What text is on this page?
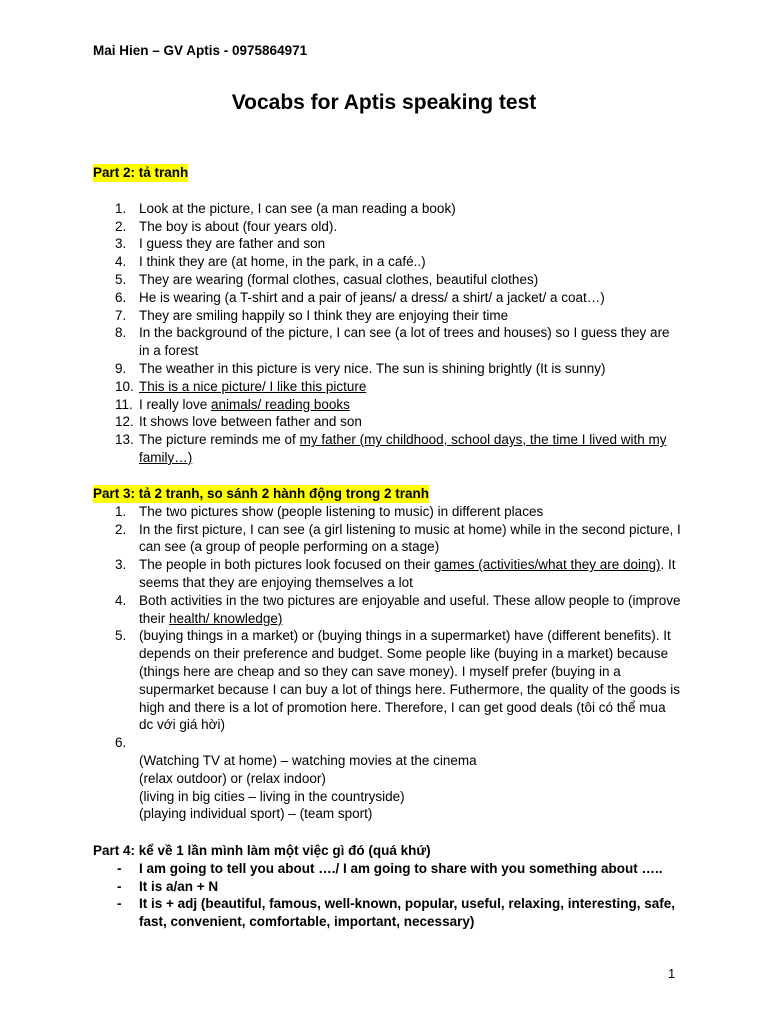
Mai Hien – GV Aptis - 0975864971
Vocabs for Aptis speaking test
Part 2: tả tranh
1. Look at the picture, I can see (a man reading a book)
2. The boy is about (four years old).
3. I guess they are father and son
4. I think they are (at home, in the park, in a café..)
5. They are wearing (formal clothes, casual clothes, beautiful clothes)
6. He is wearing (a T-shirt and a pair of jeans/ a dress/ a shirt/ a jacket/ a coat…)
7. They are smiling happily so I think they are enjoying their time
8. In the background of the picture, I can see (a lot of trees and houses) so I guess they are in a forest
9. The weather in this picture is very nice. The sun is shining brightly (It is sunny)
10. This is a nice picture/ I like this picture
11. I really love animals/ reading books
12. It shows love between father and son
13. The picture reminds me of my father (my childhood, school days, the time I lived with my family…)
Part 3: tả 2 tranh, so sánh 2 hành động trong 2 tranh
1. The two pictures show (people listening to music) in different places
2. In the first picture, I can see (a girl listening to music at home) while in the second picture, I can see (a group of people performing on a stage)
3. The people in both pictures look focused on their games (activities/what they are doing). It seems that they are enjoying themselves a lot
4. Both activities in the two pictures are enjoyable and useful. These allow people to (improve their health/ knowledge)
5. (buying things in a market) or (buying things in a supermarket) have (different benefits). It depends on their preference and budget. Some people like (buying in a market) because (things here are cheap and so they can save money). I myself prefer (buying in a supermarket because I can buy a lot of things here. Futhermore, the quality of the goods is high and there is a lot of promotion here. Therefore, I can get good deals (tôi có thể mua dc với giá hời)
6.

(Watching TV at home) – watching movies at the cinema
(relax outdoor) or (relax indoor)
(living in big cities – living in the countryside)
(playing individual sport) – (team sport)
Part 4: kể về 1 lần mình làm một việc gì đó (quá khứ)
- I am going to tell you about …./ I am going to share with you something about …..
- It is a/an + N
- It is + adj (beautiful, famous, well-known, popular, useful, relaxing, interesting, safe, fast, convenient, comfortable, important, necessary)
1
